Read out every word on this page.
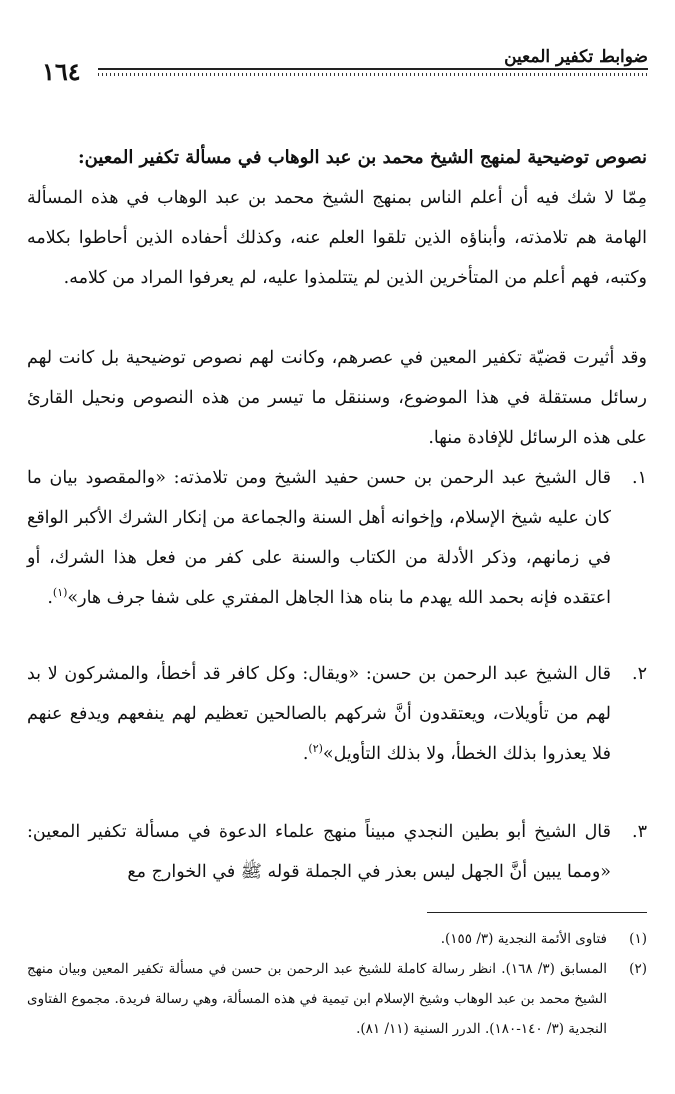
ضوابط تكفير المعين
١٦٤
نصوص توضيحية لمنهج الشيخ محمد بن عبد الوهاب في مسألة تكفير المعين:

مِمّا لا شك فيه أن أعلم الناس بمنهج الشيخ محمد بن عبد الوهاب في هذه المسألة الهامة هم تلامذته، وأبناؤه الذين تلقوا العلم عنه، وكذلك أحفاده الذين أحاطوا بكلامه وكتبه، فهم أعلم من المتأخرين الذين لم يتتلمذوا عليه، لم يعرفوا المراد من كلامه.

وقد أثيرت قضيّة تكفير المعين في عصرهم، وكانت لهم نصوص توضيحية بل كانت لهم رسائل مستقلة في هذا الموضوع، وسننقل ما تيسر من هذه النصوص ونحيل القارئ على هذه الرسائل للإفادة منها.

١.
قال الشيخ عبد الرحمن بن حسن حفيد الشيخ ومن تلامذته: «والمقصود بيان ما كان عليه شيخ الإسلام، وإخوانه أهل السنة والجماعة من إنكار الشرك الأكبر الواقع في زمانهم، وذكر الأدلة من الكتاب والسنة على كفر من فعل هذا الشرك، أو اعتقده فإنه بحمد الله يهدم ما بناه هذا الجاهل المفتري على شفا جرف هار»$^{(١)}$.
٢.
قال الشيخ عبد الرحمن بن حسن: «ويقال: وكل كافر قد أخطأ، والمشركون لا بد لهم من تأويلات، ويعتقدون أنَّ شركهم بالصالحين تعظيم لهم ينفعهم ويدفع عنهم فلا يعذروا بذلك الخطأ، ولا بذلك التأويل»$^{(٢)}$.
٣.
قال الشيخ أبو بطين النجدي مبيناً منهج علماء الدعوة في مسألة تكفير المعين: «ومما يبين أنَّ الجهل ليس بعذر في الجملة قوله ﷺ في الخوارج مع
(١)
فتاوى الأئمة النجدية (٣/ ١٥٥).
(٢)
المسابق (٣/ ١٦٨). انظر رسالة كاملة للشيخ عبد الرحمن بن حسن في مسألة تكفير المعين وبيان منهج الشيخ محمد بن عبد الوهاب وشيخ الإسلام ابن تيمية في هذه المسألة، وهي رسالة فريدة. مجموع الفتاوى النجدية (٣/ ١٤٠-١٨٠). الدرر السنية (١١/ ٨١).
